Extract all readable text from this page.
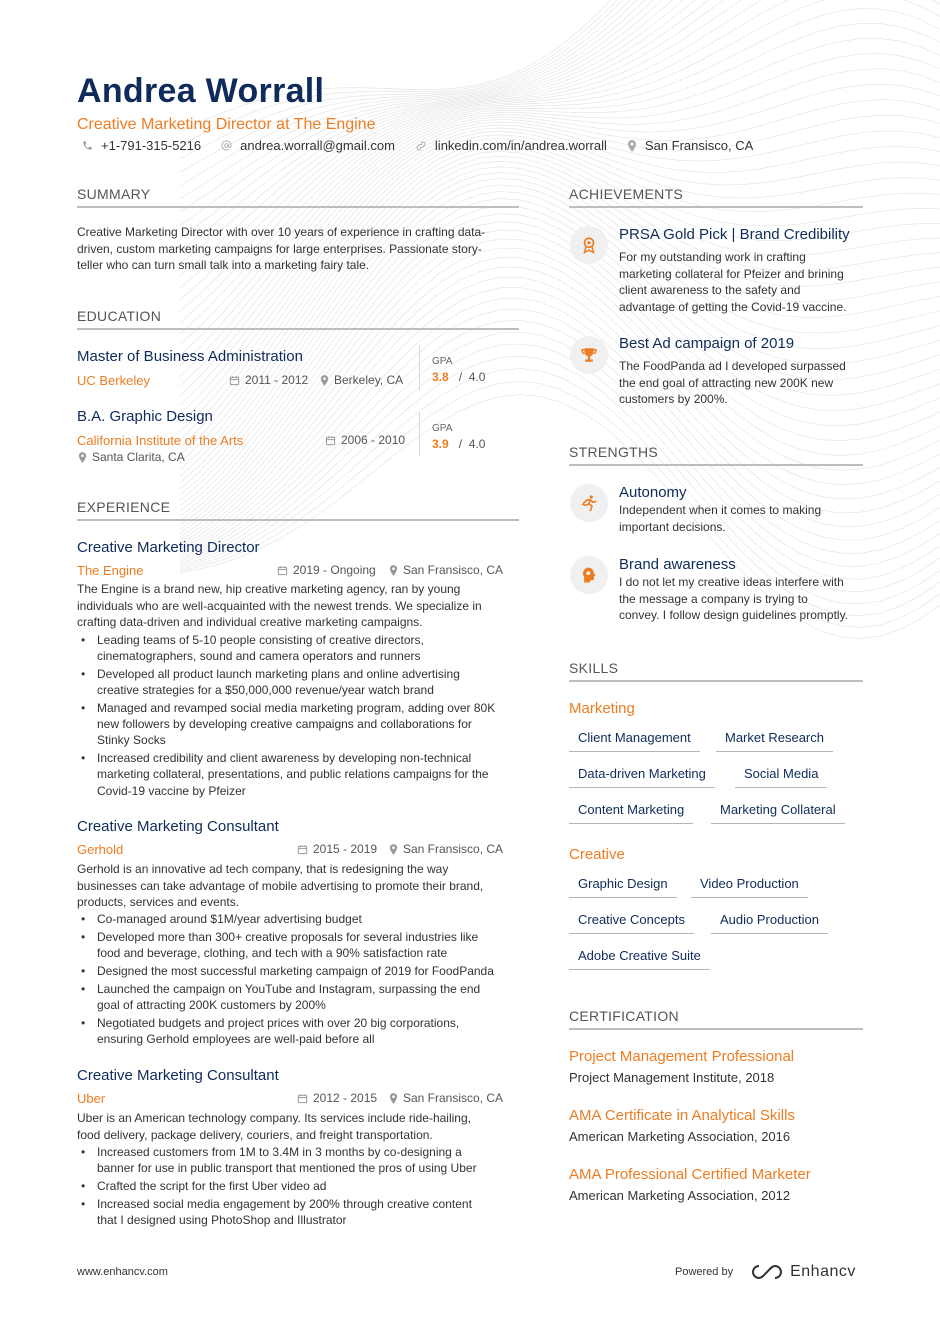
Andrea Worrall
Creative Marketing Director at The Engine
+1-791-315-5216	andrea.worrall@gmail.com	linkedin.com/in/andrea.worrall	San Fransisco, CA
SUMMARY
Creative Marketing Director with over 10 years of experience in crafting data-
driven, custom marketing campaigns for large enterprises. Passionate story-
teller who can turn small talk into a marketing fairy tale.
EDUCATION
Master of Business Administration
UC Berkeley	2011 - 2012 Berkeley, CA
GPA
3.8   /  4.0
B.A. Graphic Design
California Institute of the Arts	2006 - 2010
Santa Clarita, CA
GPA
3.9   /  4.0
EXPERIENCE
Creative Marketing Director
The Engine	2019 - Ongoing San Fransisco, CA
The Engine is a brand new, hip creative marketing agency, ran by young
individuals who are well-acquainted with the newest trends. We specialize in
crafting data-driven and individual creative marketing campaigns.
• Leading teams of 5-10 people consisting of creative directors,
cinematographers, sound and camera operators and runners
• Developed all product launch marketing plans and online advertising
creative strategies for a $50,000,000 revenue/year watch brand
• Managed and revamped social media marketing program, adding over 80K
new followers by developing creative campaigns and collaborations for
Stinky Socks
• Increased credibility and client awareness by developing non-technical
marketing collateral, presentations, and public relations campaigns for the
Covid-19 vaccine by Pfeizer
Creative Marketing Consultant
Gerhold	2015 - 2019 San Fransisco, CA
Gerhold is an innovative ad tech company, that is redesigning the way
businesses can take advantage of mobile advertising to promote their brand,
products, services and events.
• Co-managed around $1M/year advertising budget
• Developed more than 300+ creative proposals for several industries like
food and beverage, clothing, and tech with a 90% satisfaction rate
• Designed the most successful marketing campaign of 2019 for FoodPanda
• Launched the campaign on YouTube and Instagram, surpassing the end
goal of attracting 200K customers by 200%
• Negotiated budgets and project prices with over 20 big corporations,
ensuring Gerhold employees are well-paid before all
Creative Marketing Consultant
Uber	2012 - 2015 San Fransisco, CA
Uber is an American technology company. Its services include ride-hailing,
food delivery, package delivery, couriers, and freight transportation.
• Increased customers from 1M to 3.4M in 3 months by co-designing a
banner for use in public transport that mentioned the pros of using Uber
• Crafted the script for the first Uber video ad
• Increased social media engagement by 200% through creative content
that I designed using PhotoShop and Illustrator
ACHIEVEMENTS
PRSA Gold Pick | Brand Credibility
For my outstanding work in crafting
marketing collateral for Pfeizer and brining
client awareness to the safety and
advantage of getting the Covid-19 vaccine.
Best Ad campaign of 2019
The FoodPanda ad I developed surpassed
the end goal of attracting new 200K new
customers by 200%.
STRENGTHS
Autonomy
Independent when it comes to making
important decisions.
Brand awareness
I do not let my creative ideas interfere with
the message a company is trying to
convey. I follow design guidelines promptly.
SKILLS
Marketing
Client Management	Market Research
Data-driven Marketing	Social Media
Content Marketing	Marketing Collateral
Creative
Graphic Design	Video Production
Creative Concepts	Audio Production
Adobe Creative Suite
CERTIFICATION
Project Management Professional
Project Management Institute, 2018
AMA Certificate in Analytical Skills
American Marketing Association, 2016
AMA Professional Certified Marketer
American Marketing Association, 2012
www.enhancv.com	Powered by	Enhancv
